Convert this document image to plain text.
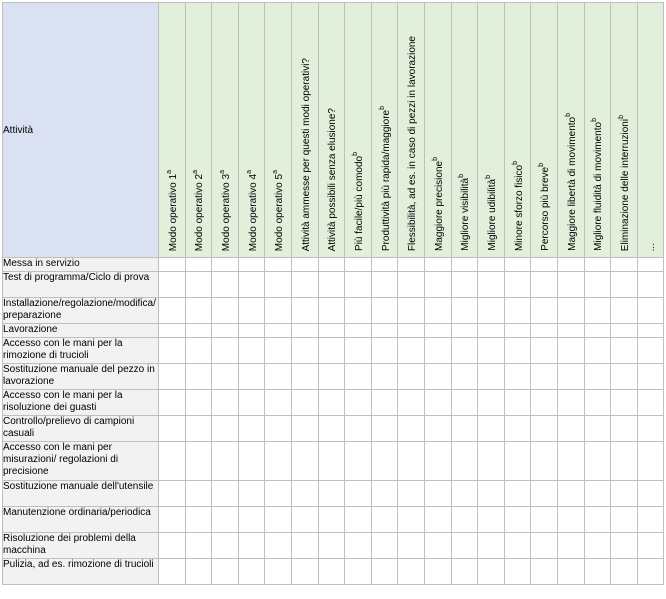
Attività	Modo operativo 1$^a$	Modo operativo 2$^a$	Modo operativo 3$^a$	Modo operativo 4$^a$	Modo operativo 5$^a$	Attività ammesse per questi modi operativi?	Attività possibili senza elusione?	Più facile/più comodo$^b$	Produttività più rapida/maggiore$^b$	Flessibilità, ad es. in caso di pezzi in lavorazione	Maggiore precisione$^b$	Migliore visibilità$^b$	Migliore udibilità$^b$	Minore sforzo fisico$^b$	Percorso più breve$^b$	Maggiore libertà di movimento$^b$	Migliore fluidità di movimento$^b$	Eliminazione delle interruzioni$^b$	...

Messa in servizio																			
Test di programma/Ciclo di prova																			
Installazione/regolazione/modifica/ preparazione																			
Lavorazione																			
Accesso con le mani per la rimozione di trucioli																			
Sostituzione manuale del pezzo in lavorazione																			
Accesso con le mani per la risoluzione dei guasti																			
Controllo/prelievo di campioni casuali																			
Accesso con le mani per misurazioni/ regolazioni di precisione																			
Sostituzione manuale dell'utensile																			
Manutenzione ordinaria/periodica																			
Risoluzione dei problemi della macchina																			
Pulizia, ad es. rimozione di trucioli																			
